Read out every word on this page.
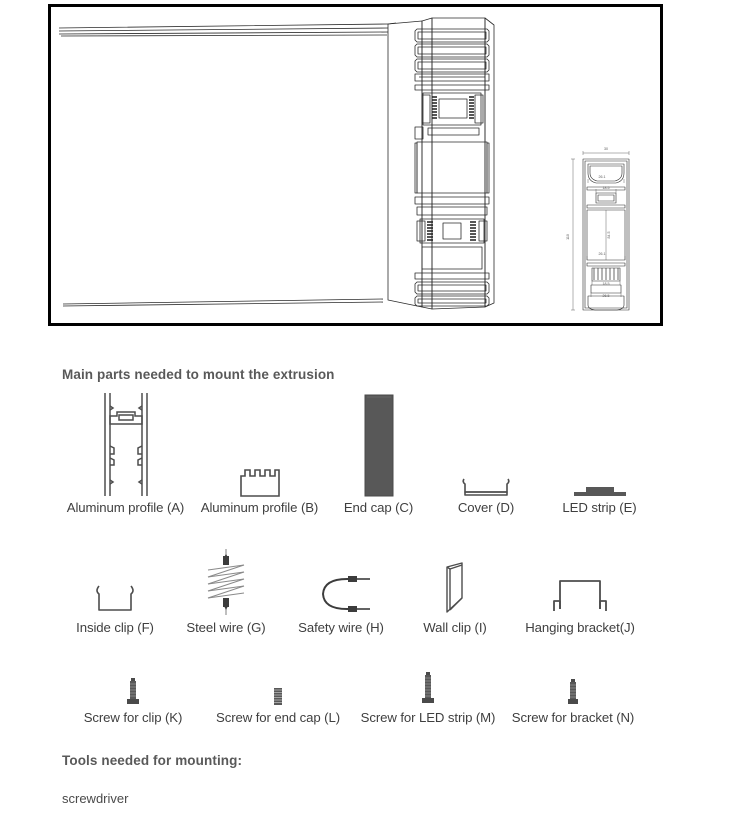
30
26.1
18.5
26.1
18.5
26.5
110	84.5
Main parts needed to mount the extrusion
Aluminum profile (A) Aluminum profile (B) End cap (C)	Cover (D)	LED strip (E)
Inside clip (F) Steel wire (G) Safety wire (H)	Wall clip (I)	Hanging bracket(J)
Screw for clip (K)	Screw for end cap (L) Screw for LED strip (M) Screw for bracket (N)
Tools needed for mounting:
screwdriver
